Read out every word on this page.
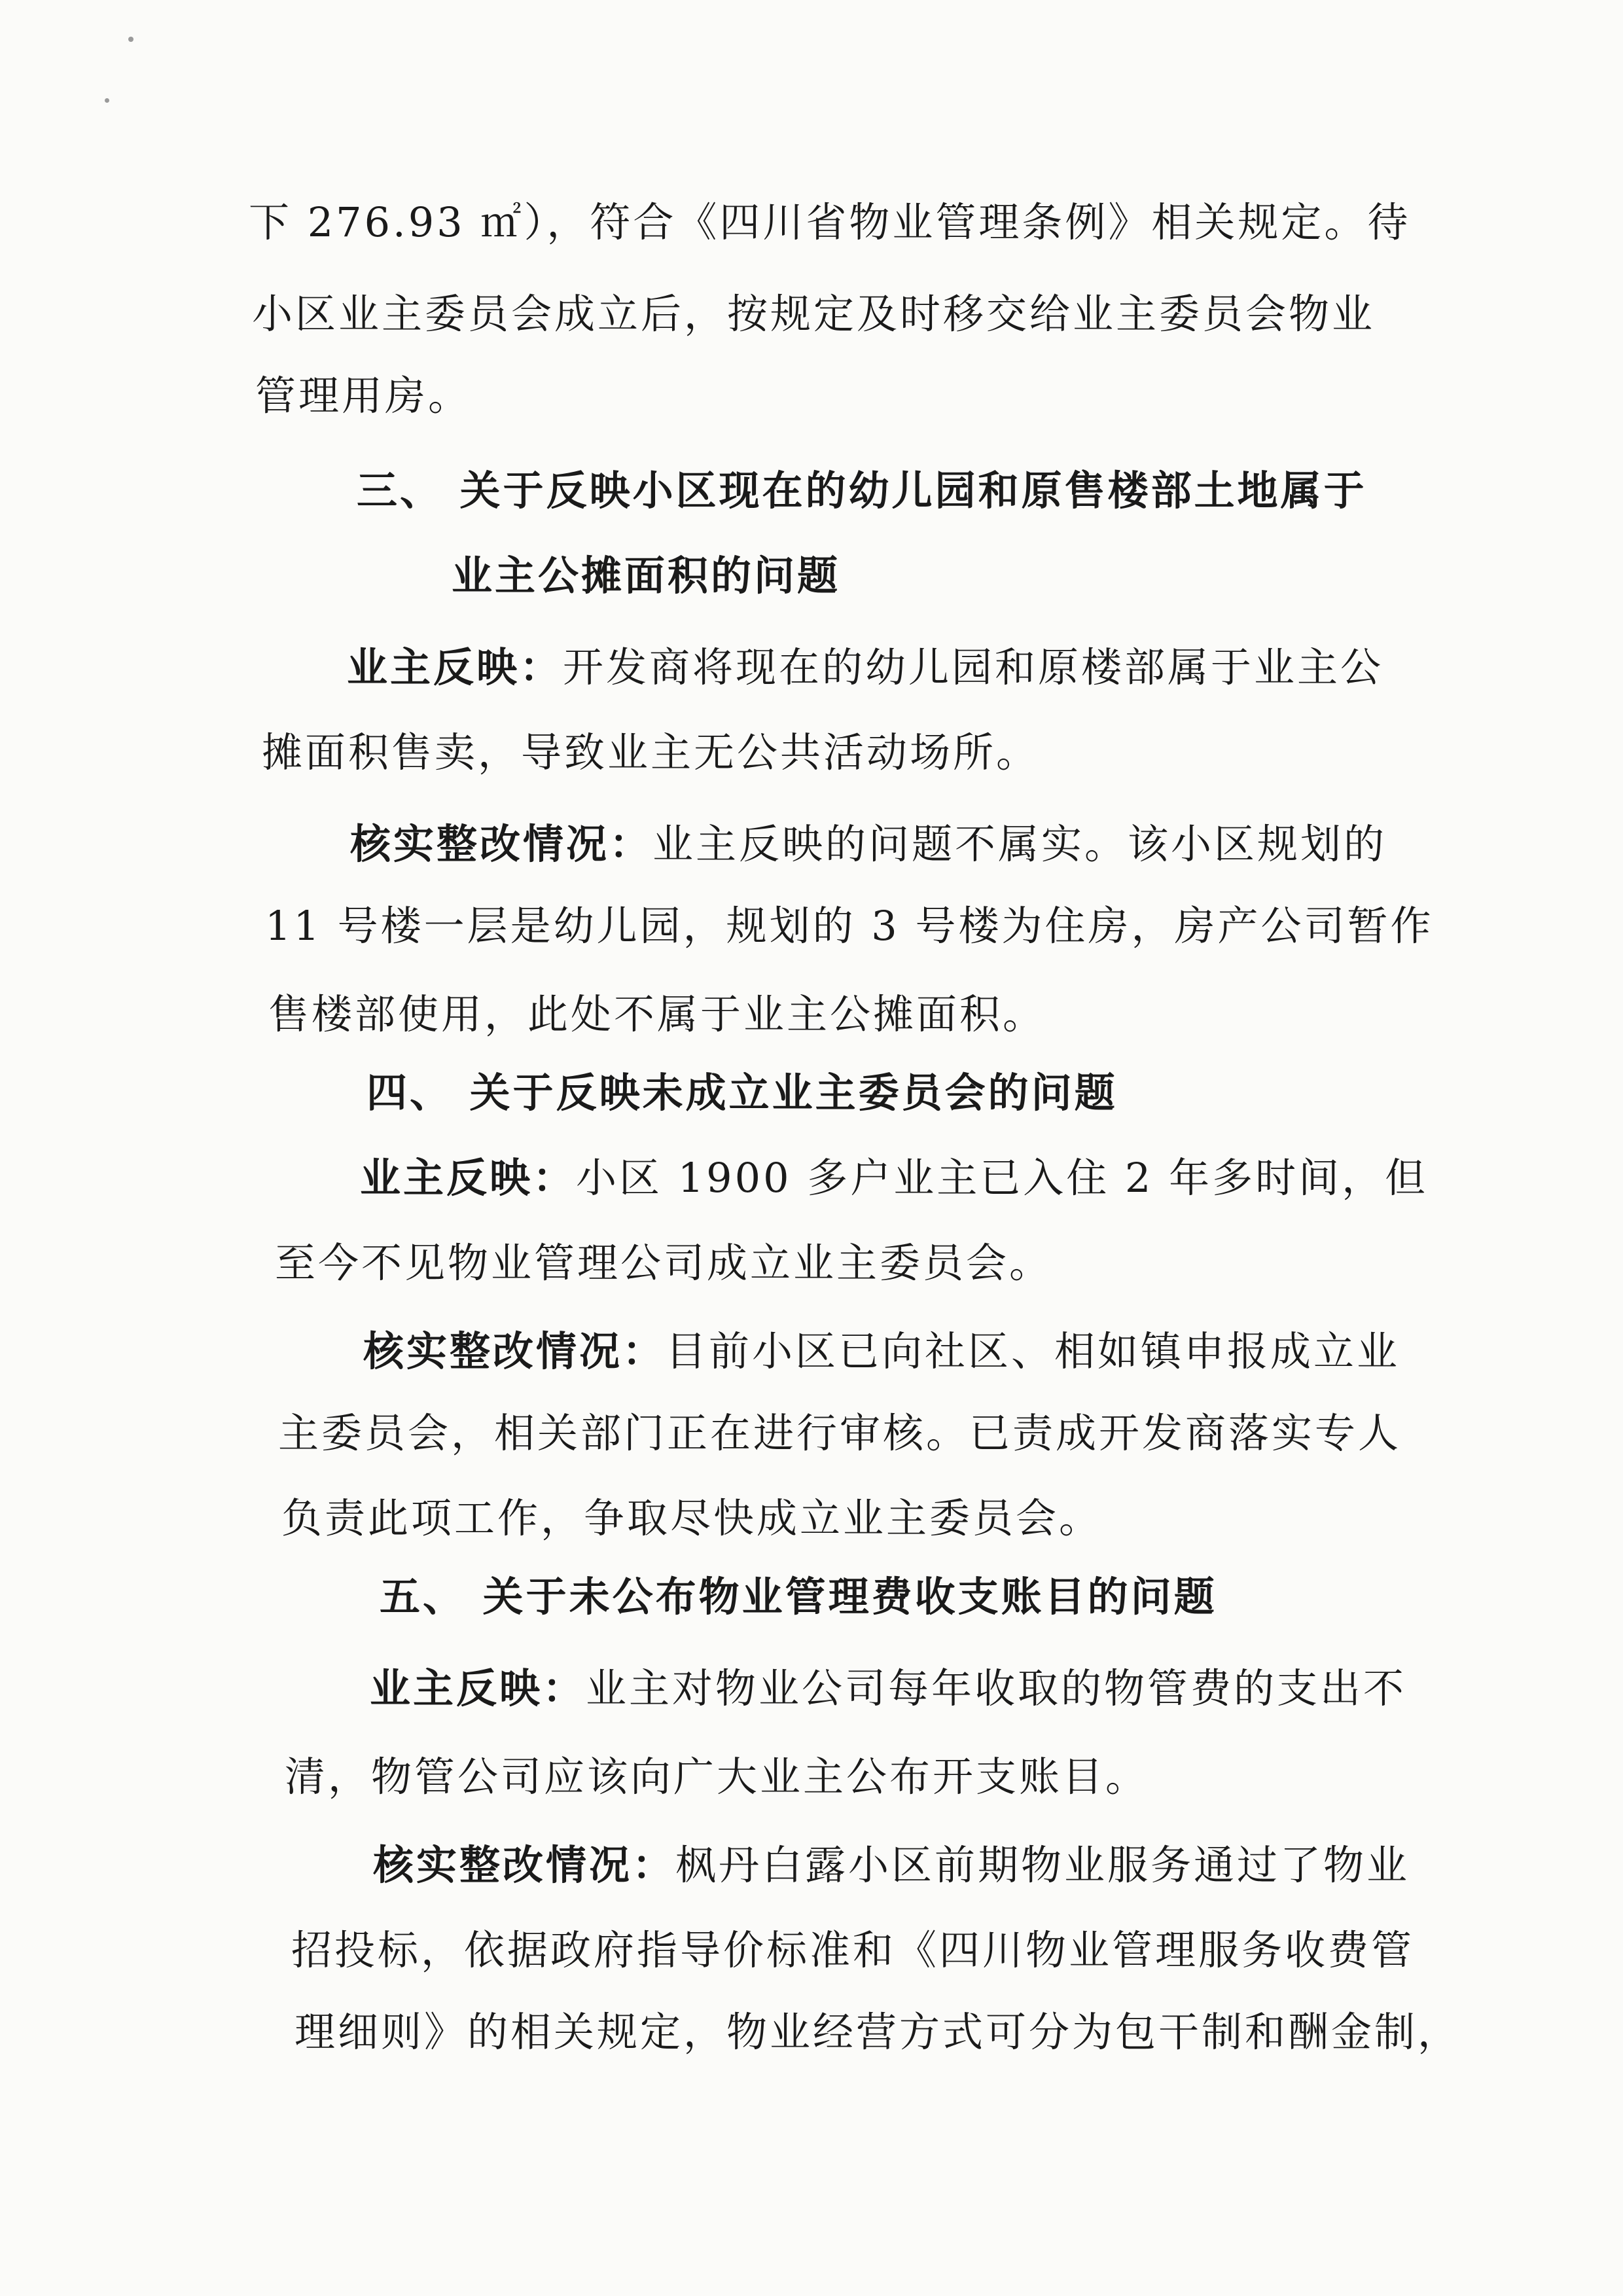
下 276.93 ㎡），符合《四川省物业管理条例》相关规定。待
小区业主委员会成立后，按规定及时移交给业主委员会物业
管理用房。
三、 关于反映小区现在的幼儿园和原售楼部土地属于
业主公摊面积的问题
业主反映：开发商将现在的幼儿园和原楼部属于业主公
摊面积售卖，导致业主无公共活动场所。
核实整改情况：业主反映的问题不属实。该小区规划的
11 号楼一层是幼儿园，规划的 3 号楼为住房，房产公司暂作
售楼部使用，此处不属于业主公摊面积。
四、 关于反映未成立业主委员会的问题
业主反映：小区 1900 多户业主已入住 2 年多时间，但
至今不见物业管理公司成立业主委员会。
核实整改情况：目前小区已向社区、相如镇申报成立业
主委员会，相关部门正在进行审核。已责成开发商落实专人
负责此项工作，争取尽快成立业主委员会。
五、 关于未公布物业管理费收支账目的问题
业主反映：业主对物业公司每年收取的物管费的支出不
清，物管公司应该向广大业主公布开支账目。
核实整改情况：枫丹白露小区前期物业服务通过了物业
招投标，依据政府指导价标准和《四川物业管理服务收费管
理细则》的相关规定，物业经营方式可分为包干制和酬金制，
